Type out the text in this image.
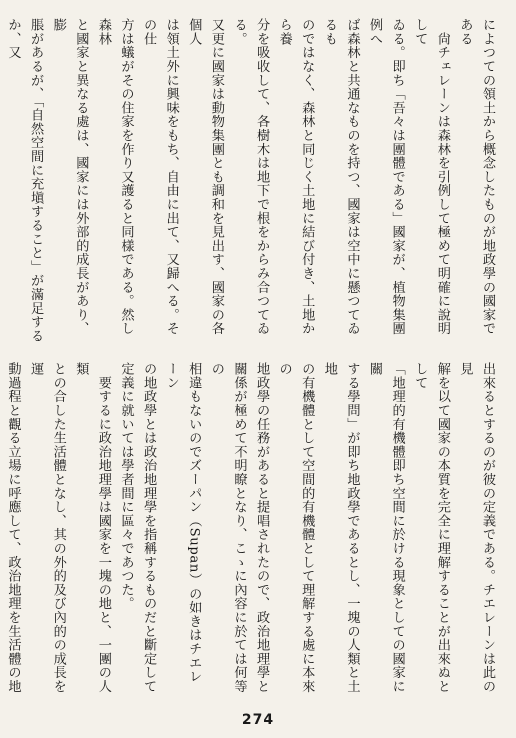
によつての領土から概念したものが地政學の國家である
　尙チェレーンは森林を引例して極めて明確に說明して
ゐる。即ち「吾々は團體である」國家が、植物集團例へ
ば森林と共通なものを持つ、國家は空中に懸つてゐるも
のではなく、森林と同じく土地に結び付き、土地から養
分を吸收して、各樹木は地下で根をからみ合つてゐる。
又更に國家は動物集團とも調和を見出す、國家の各個人
は領土外に興味をもち、自由に出て、又歸へる。その仕
方は蟻がその住家を作り又護ると同樣である。然し森林
と國家と異なる處は、國家には外部的成長があり、膨
脹があるが、「自然空間に充塡すること」が滿足するか、又

出來るとするのが彼の定義である。チエレーンは此の見
解を以て國家の本質を完全に理解することが出來ぬとして
「地理的有機體即ち空間に於ける現象としての國家に關
する學問」が即ち地政學であるとし、一塊の人類と土地
の有機體として空間的有機體として理解する處に本來の
地政學の任務があると提唱されたので、政治地理學と
關係が極めて不明瞭となり、こゝに內容に於ては何等の
相違もないのでズーパン（Supan）の如きはチエレーン
の地政學とは政治地理學を指稱するものだと斷定して
定義に就いては學者間に區々であつた。
　要するに政治地理學は國家を一塊の地と、一團の人類
との合した生活體となし、其の外的及び內的の成長を運
動過程と觀る立場に呼應して、政治地理を生活體の地

274
